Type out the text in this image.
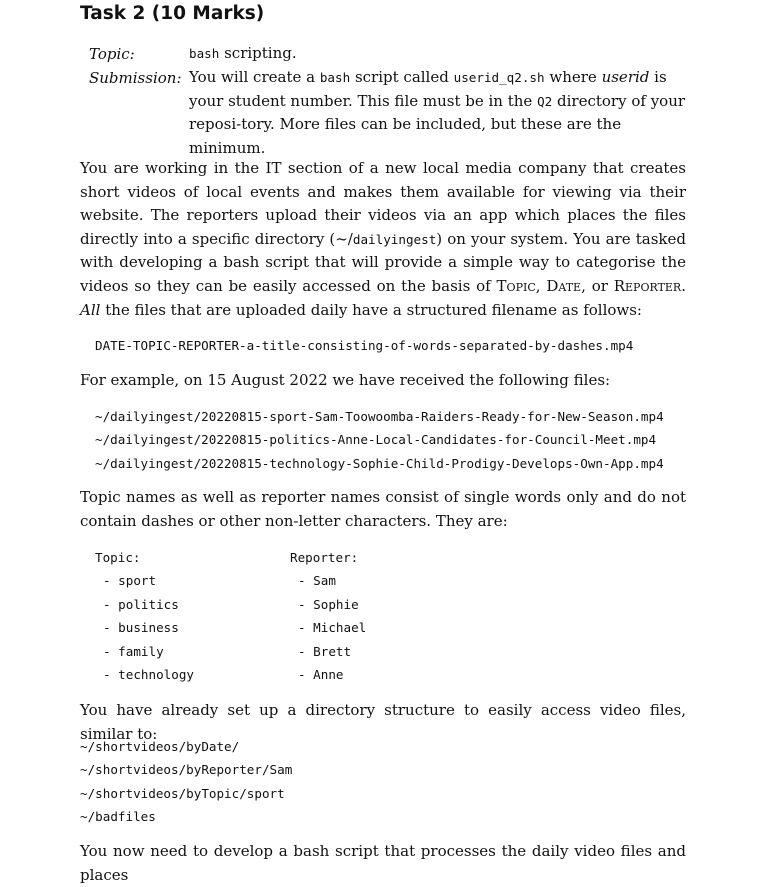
Task 2 (10 Marks)
Topic:	bash scripting.
Submission: You will create a bash script called userid_q2.sh where userid is your student number. This file must be in the Q2 directory of your reposi-tory. More files can be included, but these are the minimum.

You are working in the IT section of a new local media company that creates short videos of local events and makes them available for viewing via their website. The reporters upload their videos via an app which places the files directly into a specific directory (~/dailyingest) on your system. You are tasked with developing a bash script that will provide a simple way to categorise the videos so they can be easily accessed on the basis of Topic, Date, or Reporter. All the files that are uploaded daily have a structured filename as follows:

DATE-TOPIC-REPORTER-a-title-consisting-of-words-separated-by-dashes.mp4

For example, on 15 August 2022 we have received the following files:

~/dailyingest/20220815-sport-Sam-Toowoomba-Raiders-Ready-for-New-Season.mp4
~/dailyingest/20220815-politics-Anne-Local-Candidates-for-Council-Meet.mp4
~/dailyingest/20220815-technology-Sophie-Child-Prodigy-Develops-Own-App.mp4

Topic names as well as reporter names consist of single words only and do not contain dashes or other non-letter characters. They are:

Topic:
- sport
- politics
- business
- family
- technology
Reporter:
- Sam
- Sophie
- Michael
- Brett
- Anne

You have already set up a directory structure to easily access video files, similar to:

~/shortvideos/byDate/
~/shortvideos/byReporter/Sam
~/shortvideos/byTopic/sport
~/badfiles

You now need to develop a bash script that processes the daily video files and places
